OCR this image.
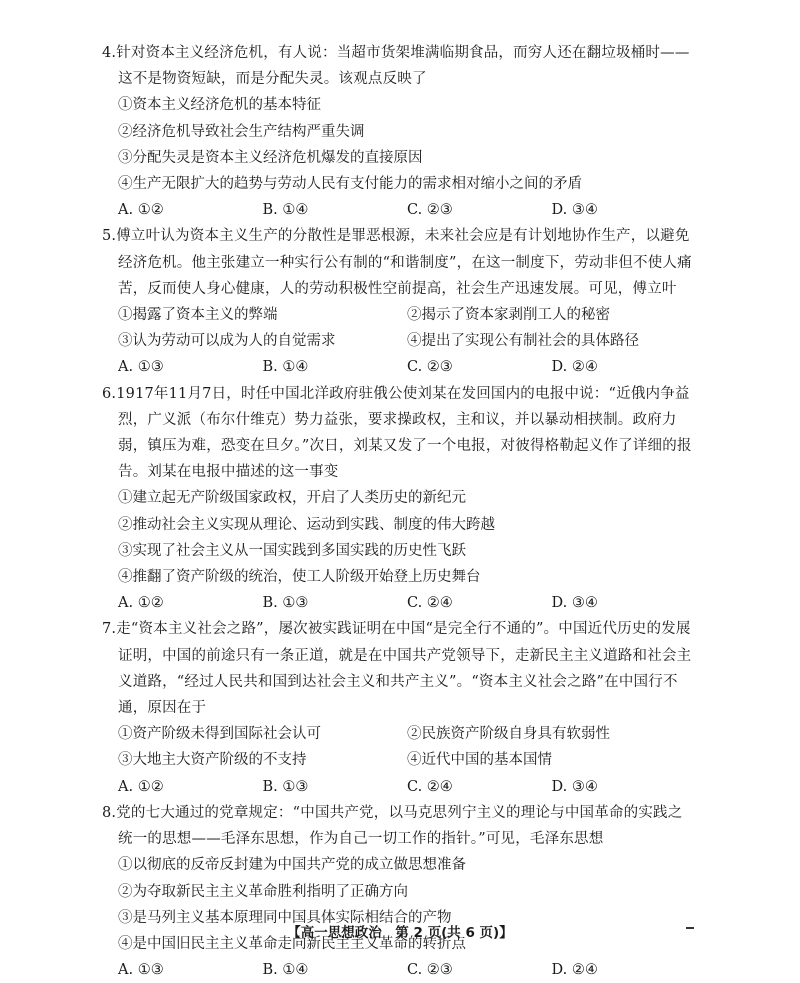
4.针对资本主义经济危机，有人说：当超市货架堆满临期食品，而穷人还在翻垃圾桶时——这不是物资短缺，而是分配失灵。该观点反映了
①资本主义经济危机的基本特征
②经济危机导致社会生产结构严重失调
③分配失灵是资本主义经济危机爆发的直接原因
④生产无限扩大的趋势与劳动人民有支付能力的需求相对缩小之间的矛盾
A. ①②	B. ①④	C. ②③	D. ③④
5.傅立叶认为资本主义生产的分散性是罪恶根源，未来社会应是有计划地协作生产，以避免经济危机。他主张建立一种实行公有制的“和谐制度”，在这一制度下，劳动非但不使人痛苦，反而使人身心健康，人的劳动积极性空前提高，社会生产迅速发展。可见，傅立叶
①揭露了资本主义的弊端	②揭示了资本家剥削工人的秘密
③认为劳动可以成为人的自觉需求	④提出了实现公有制社会的具体路径
A. ①③	B. ①④	C. ②③	D. ②④
6.1917年11月7日，时任中国北洋政府驻俄公使刘某在发回国内的电报中说：“近俄内争益烈，广义派（布尔什维克）势力益张，要求操政权，主和议，并以暴动相挟制。政府力弱，镇压为难，恐变在旦夕。”次日，刘某又发了一个电报，对彼得格勒起义作了详细的报告。刘某在电报中描述的这一事变
①建立起无产阶级国家政权，开启了人类历史的新纪元
②推动社会主义实现从理论、运动到实践、制度的伟大跨越
③实现了社会主义从一国实践到多国实践的历史性飞跃
④推翻了资产阶级的统治，使工人阶级开始登上历史舞台
A. ①②	B. ①③	C. ②④	D. ③④
7.走“资本主义社会之路”，屡次被实践证明在中国“是完全行不通的”。中国近代历史的发展证明，中国的前途只有一条正道，就是在中国共产党领导下，走新民主主义道路和社会主义道路，“经过人民共和国到达社会主义和共产主义”。“资本主义社会之路”在中国行不通，原因在于
①资产阶级未得到国际社会认可	②民族资产阶级自身具有软弱性
③大地主大资产阶级的不支持	④近代中国的基本国情
A. ①②	B. ①③	C. ②④	D. ③④
8.党的七大通过的党章规定：“中国共产党，以马克思列宁主义的理论与中国革命的实践之统一的思想——毛泽东思想，作为自己一切工作的指针。”可见，毛泽东思想
①以彻底的反帝反封建为中国共产党的成立做思想准备
②为夺取新民主主义革命胜利指明了正确方向
③是马列主义基本原理同中国具体实际相结合的产物
④是中国旧民主主义革命走向新民主主义革命的转折点
A. ①③	B. ①④	C. ②③	D. ②④
【高一思想政治　第 2 页(共 6 页)】
